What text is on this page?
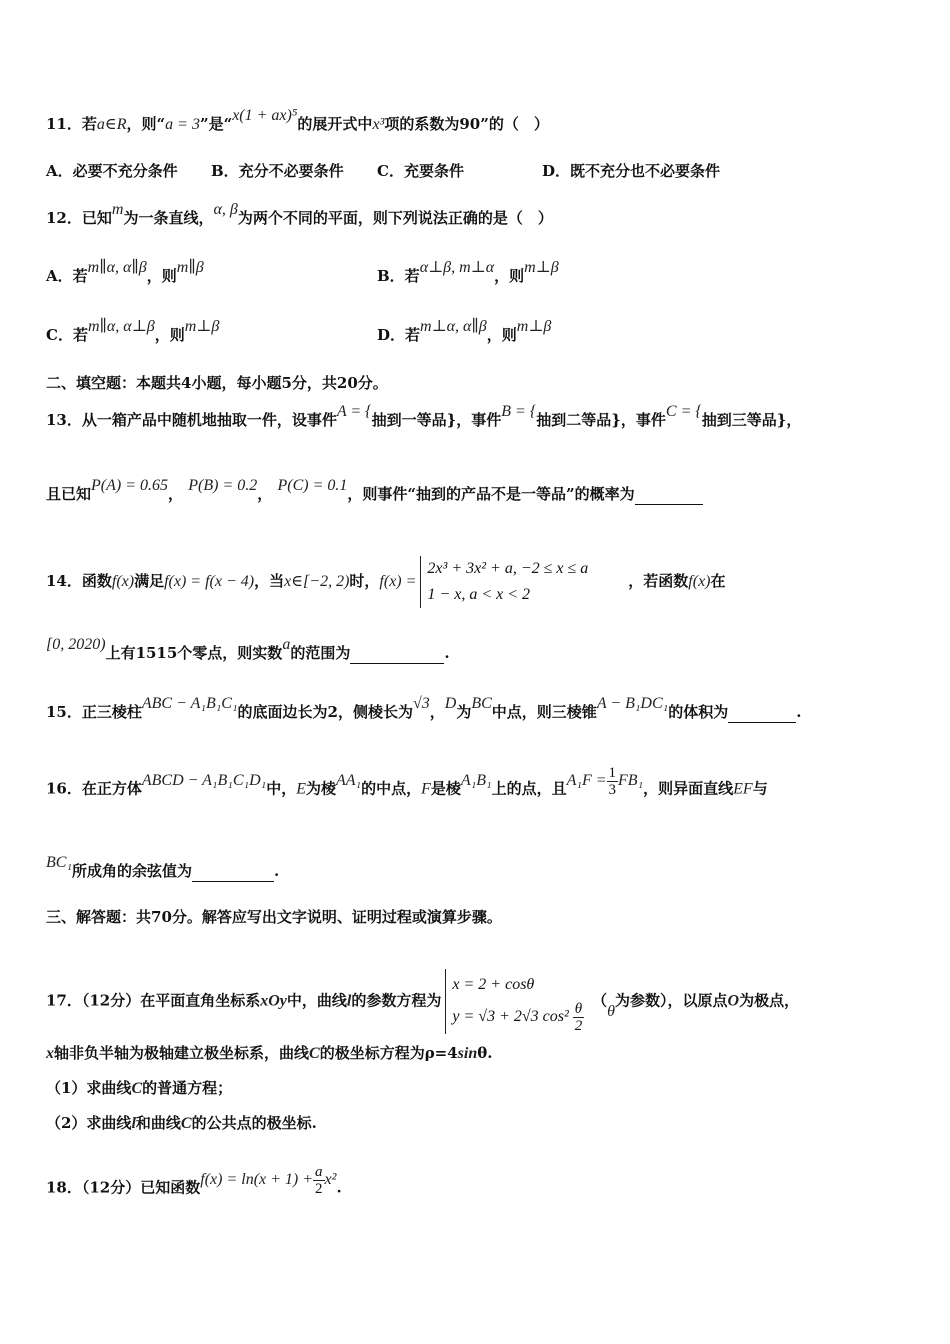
11．若a∈R，则“a = 3”是“x(1 + ax)⁵的展开式中x³项的系数为90”的（　）
A．必要不充分条件 B．充分不必要条件 C．充要条件	D．既不充分也不必要条件
12．已知m为一条直线，α, β为两个不同的平面，则下列说法正确的是（　）
A．若m∥α, α∥β，则m∥β	B．若α⊥β, m⊥α，则m⊥β
C．若m∥α, α⊥β，则m⊥β	D．若m⊥α, α∥β，则m⊥β
二、填空题：本题共4小题，每小题5分，共20分。
13．从一箱产品中随机地抽取一件，设事件A = {抽到一等品}，事件B = {抽到二等品}，事件C = {抽到三等品}，
且已知P(A) = 0.65， P(B) = 0.2， P(C) = 0.1，则事件“抽到的产品不是一等品”的概率为
14．函数f(x)满足f(x) = f(x − 4)，当x∈[−2, 2)时，f(x) =2x³ + 3x² + a, −2 ≤ x ≤ a
1 − x, a < x < 2，若函数f(x)在
[0, 2020)上有1515个零点，则实数a的范围为	.
15．正三棱柱ABC − A₁B₁C₁的底面边长为2，侧棱长为√3，D为BC中点，则三棱锥A − B₁DC₁的体积为	.
16．在正方体ABCD − A₁B₁C₁D₁中，E为棱AA₁的中点，F是棱A₁B₁上的点，且$A_1F = \frac{1}{3} FB_1$，则异面直线EF与
BC₁所成角的余弦值为	.
三、解答题：共70分。解答应写出文字说明、证明过程或演算步骤。
17．（12分）在平面直角坐标系xOy中，曲线l的参数方程为x = 2 + cosθ
y = √3 + 2√3 $\cos^2 \frac{\theta}{2}$
（θ为参数），以原点O为极点，
x轴非负半轴为极轴建立极坐标系，曲线C的极坐标方程为ρ=4sinθ.
（1）求曲线C的普通方程；
（2）求曲线l和曲线C的公共点的极坐标.
18．（12分）已知函数$f(x) = \ln(x + 1) + \frac{a}{2} x^2$.
